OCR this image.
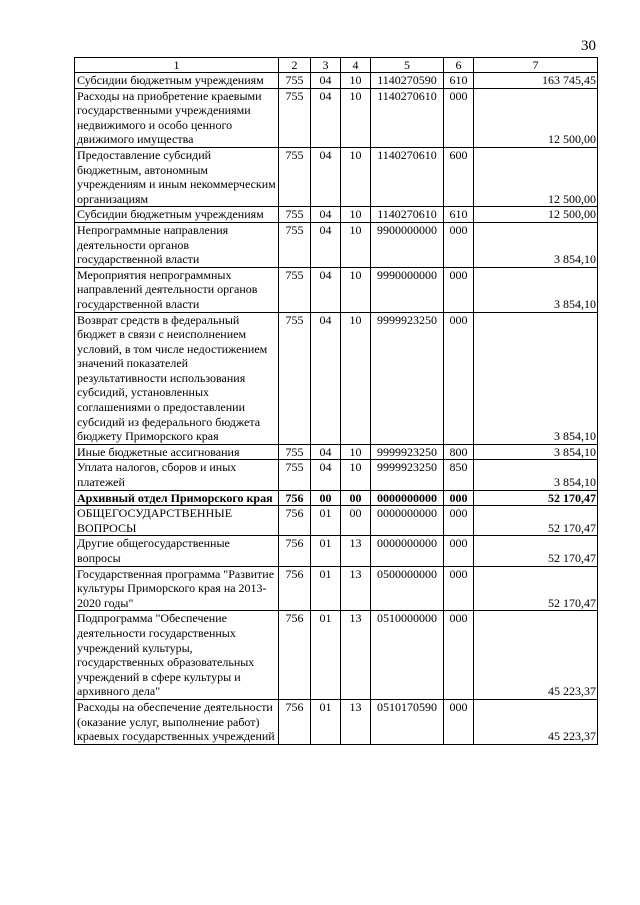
30
1	2	3	4	5	6	7
Субсидии бюджетным учреждениям	755	04	10	1140270590	610	163 745,45
Расходы на приобретение краевыми государственными учреждениями недвижимого и особо ценного движимого имущества	755	04	10	1140270610	000	12 500,00
Предоставление субсидий бюджетным, автономным учреждениям и иным некоммерческим организациям	755	04	10	1140270610	600	12 500,00
Субсидии бюджетным учреждениям	755	04	10	1140270610	610	12 500,00
Непрограммные направления деятельности органов государственной власти	755	04	10	9900000000	000	3 854,10
Мероприятия непрограммных направлений деятельности органов государственной власти	755	04	10	9990000000	000	3 854,10
Возврат средств в федеральный бюджет в связи с неисполнением условий, в том числе недостижением значений показателей результативности использования субсидий, установленных соглашениями о предоставлении субсидий из федерального бюджета бюджету Приморского края	755	04	10	9999923250	000	3 854,10
Иные бюджетные ассигнования	755	04	10	9999923250	800	3 854,10
Уплата налогов, сборов и иных платежей	755	04	10	9999923250	850	3 854,10
Архивный отдел Приморского края	756	00	00	0000000000	000	52 170,47
ОБЩЕГОСУДАРСТВЕННЫЕ ВОПРОСЫ	756	01	00	0000000000	000	52 170,47
Другие общегосударственные вопросы	756	01	13	0000000000	000	52 170,47
Государственная программа "Развитие культуры Приморского края на 2013-2020 годы"	756	01	13	0500000000	000	52 170,47
Подпрограмма "Обеспечение деятельности государственных учреждений культуры, государственных образовательных учреждений в сфере культуры и архивного дела"	756	01	13	0510000000	000	45 223,37
Расходы на обеспечение деятельности (оказание услуг, выполнение работ) краевых государственных учреждений	756	01	13	0510170590	000	45 223,37
